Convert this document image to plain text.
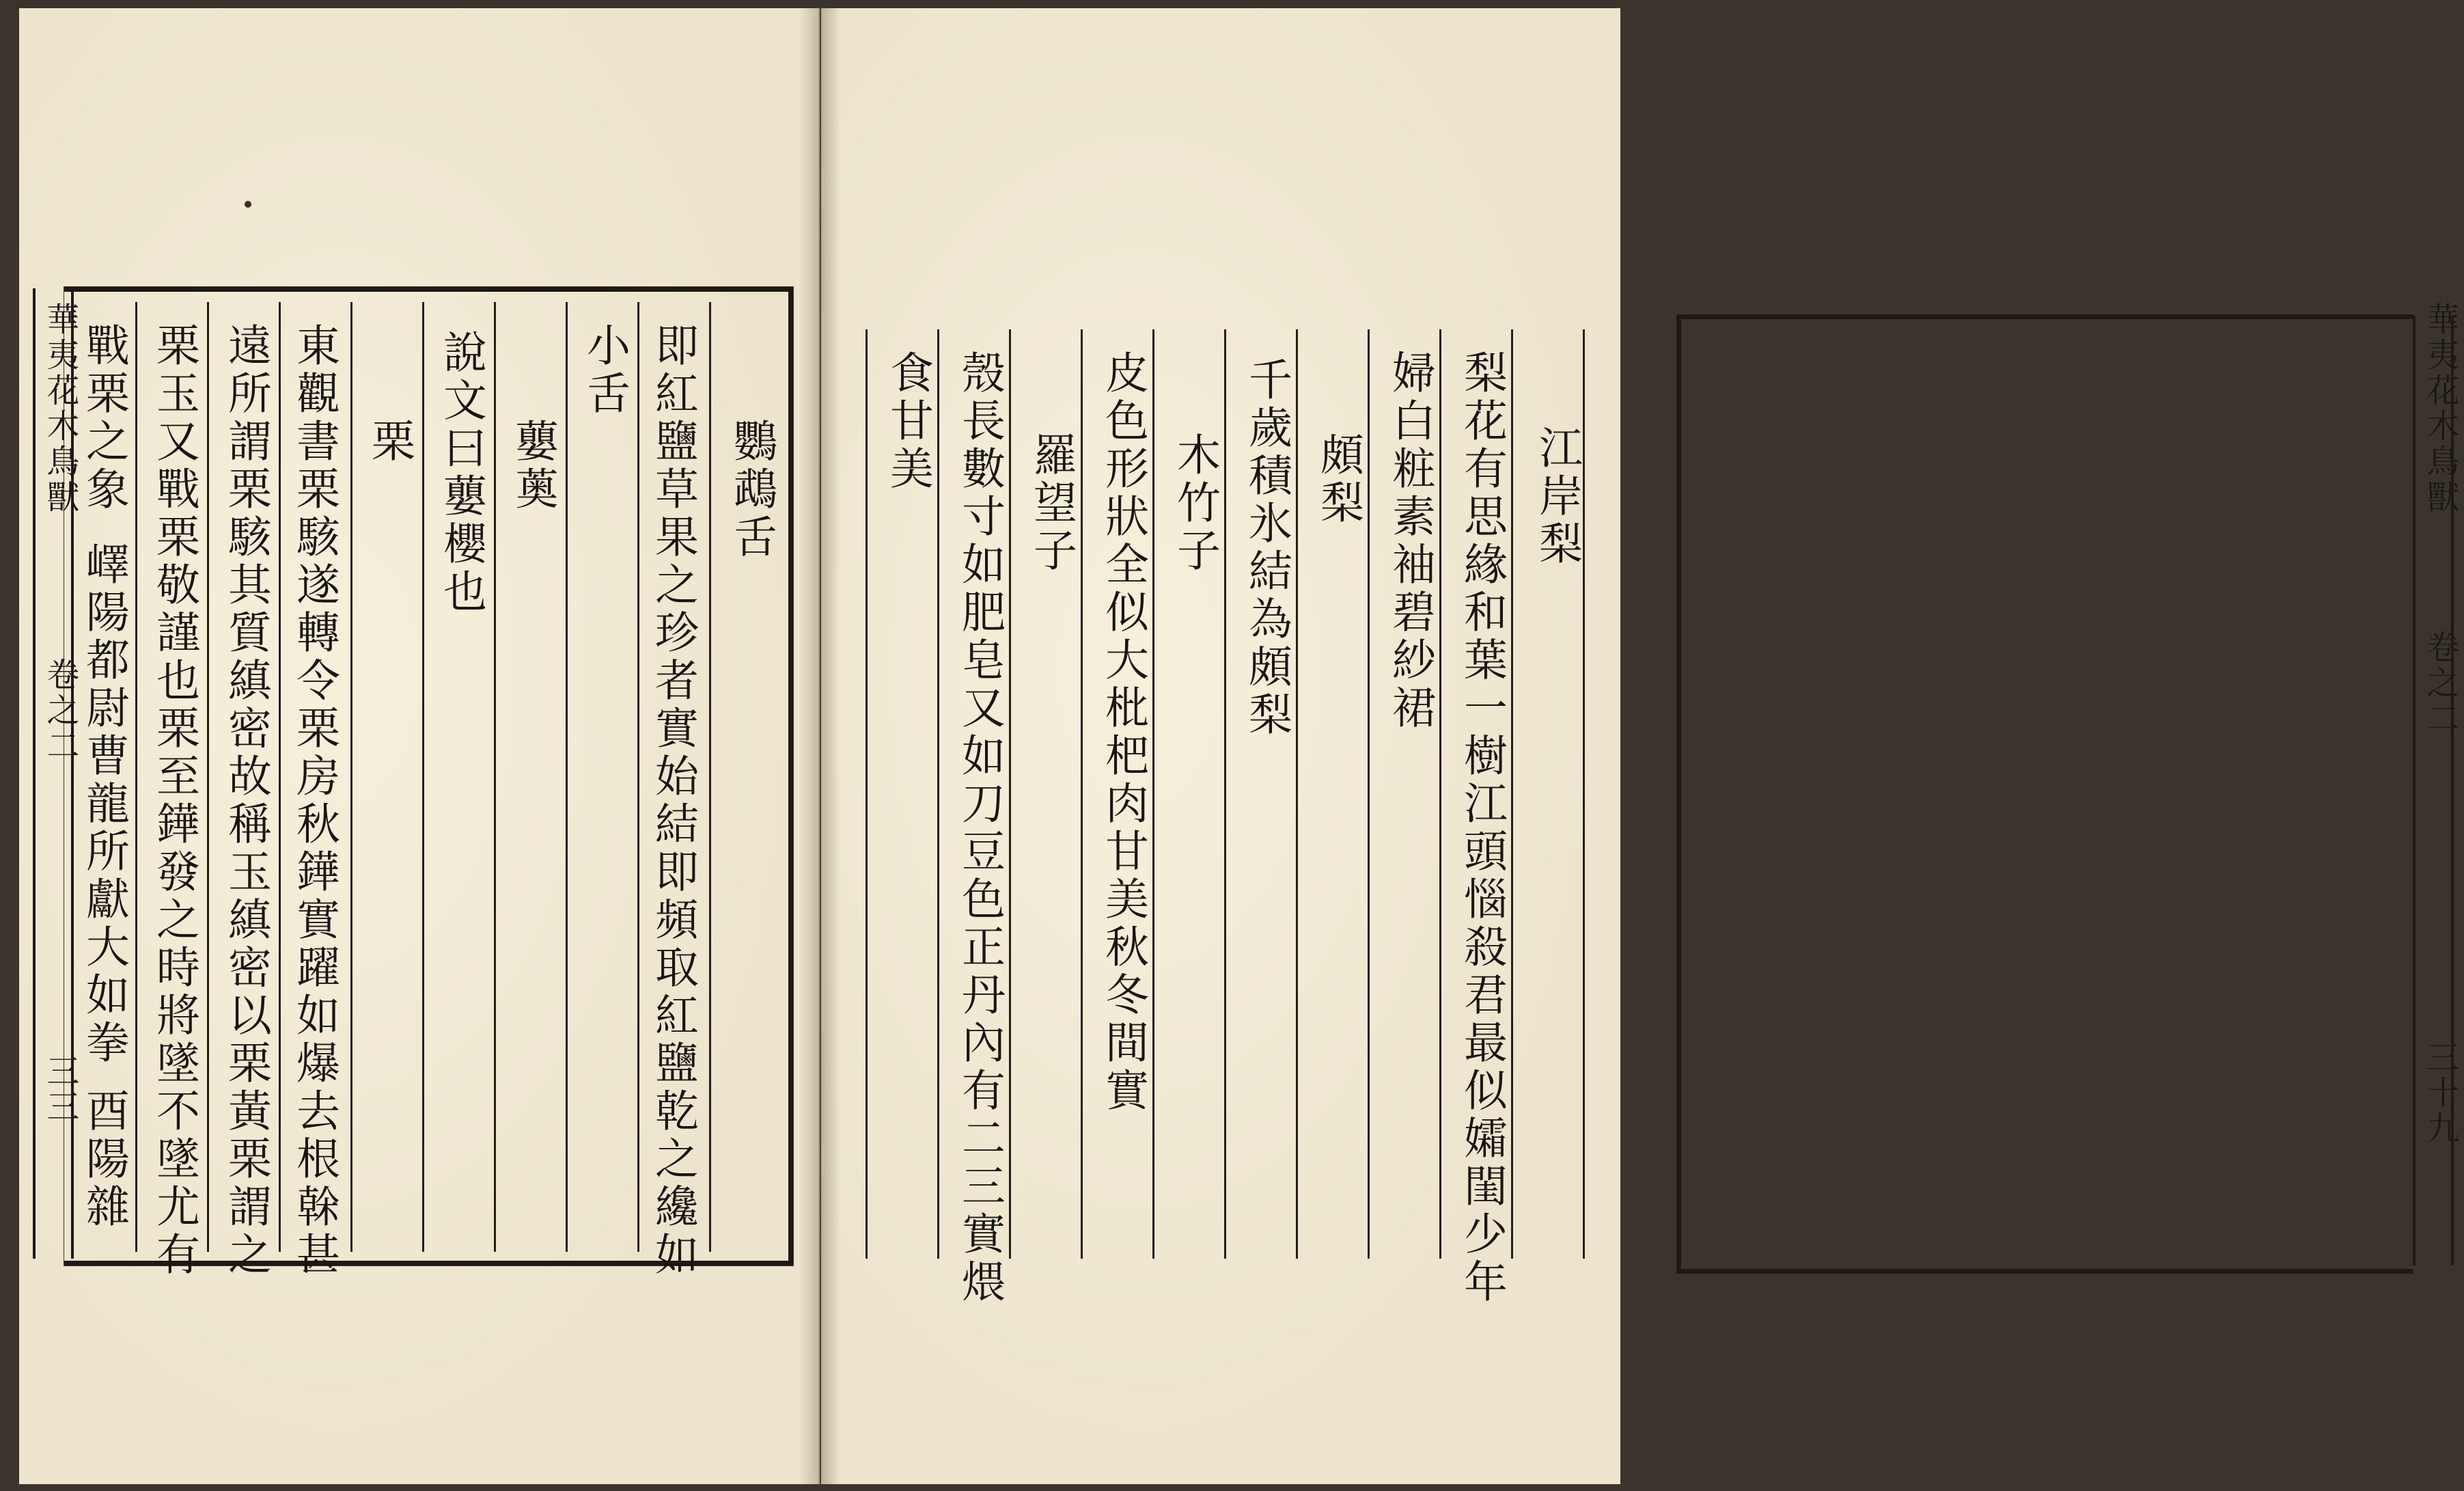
華夷花木鳥獸
卷之二
三三
鸚鵡舌
即紅鹽草果之珍者實始結即頻取紅鹽乾之纔如
小舌
蘡薁
說文曰蘡櫻也
栗
東觀書栗駭遂轉令栗房秋鏵實躍如爆去根榦甚
遠所謂栗駭其質縝密故稱玉縝密以栗黃栗謂之
栗玉又戰栗敬謹也栗至鏵發之時將墜不墜尤有
戰栗之象
嶧陽都尉曹龍所獻大如拳
酉陽雜
華夷花木鳥獸
卷之二
三十九
江岸梨
梨花有思緣和葉一樹江頭惱殺君最似孀閨少年
婦白粧素袖碧紗裙
頗梨
千歲積氷結為頗梨
木竹子
皮色形狀全似大枇杷肉甘美秋冬間實
羅望子
殼長數寸如肥皂又如刀豆色正丹內有二三實煨
食甘美
